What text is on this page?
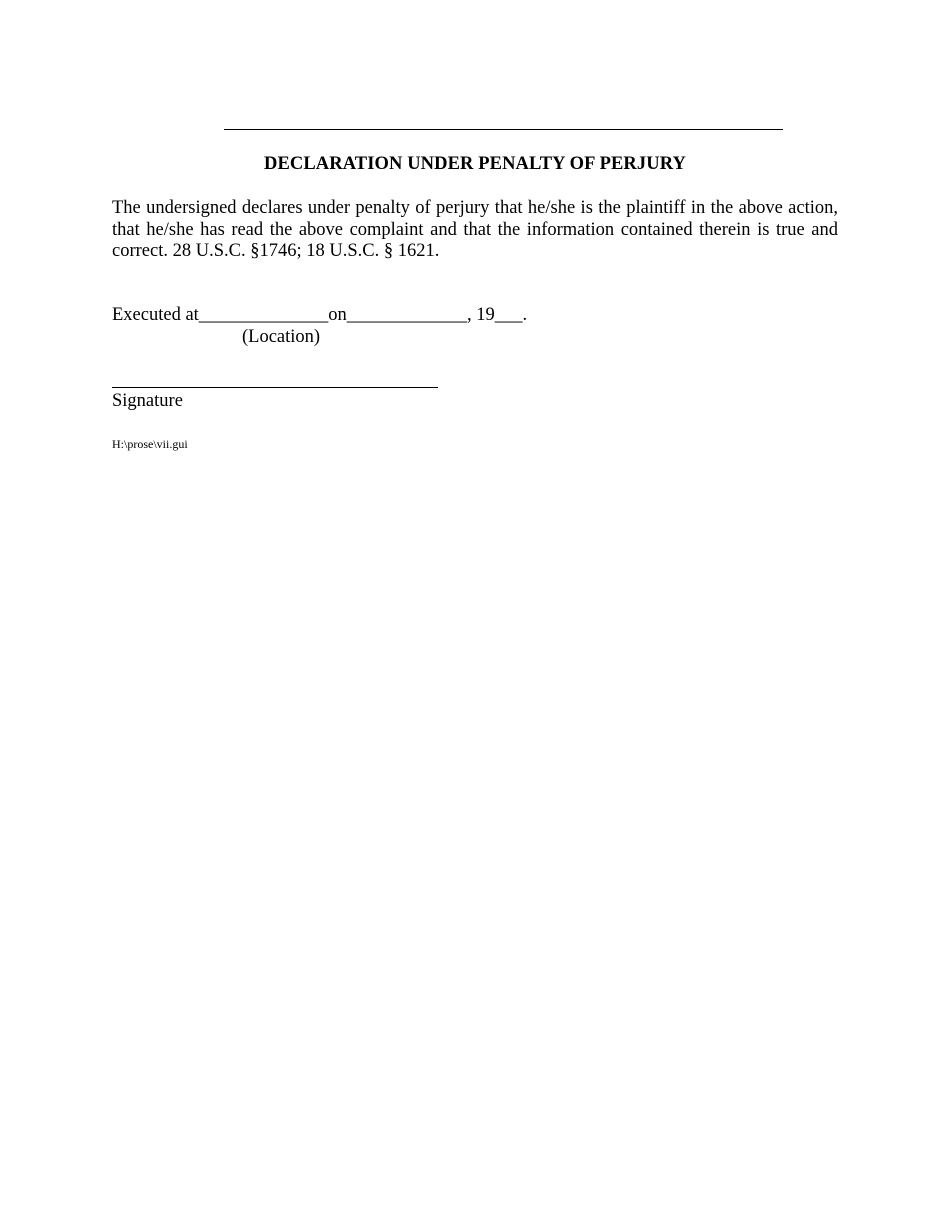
DECLARATION UNDER PENALTY OF PERJURY
The undersigned declares under penalty of perjury that he/she is the plaintiff in the above action, that he/she has read the above complaint and that the information contained therein is true and correct. 28 U.S.C. §1746; 18 U.S.C. § 1621.
Executed at______________on_____________, 19___.
(Location)
Signature
H:\prose\vii.gui
